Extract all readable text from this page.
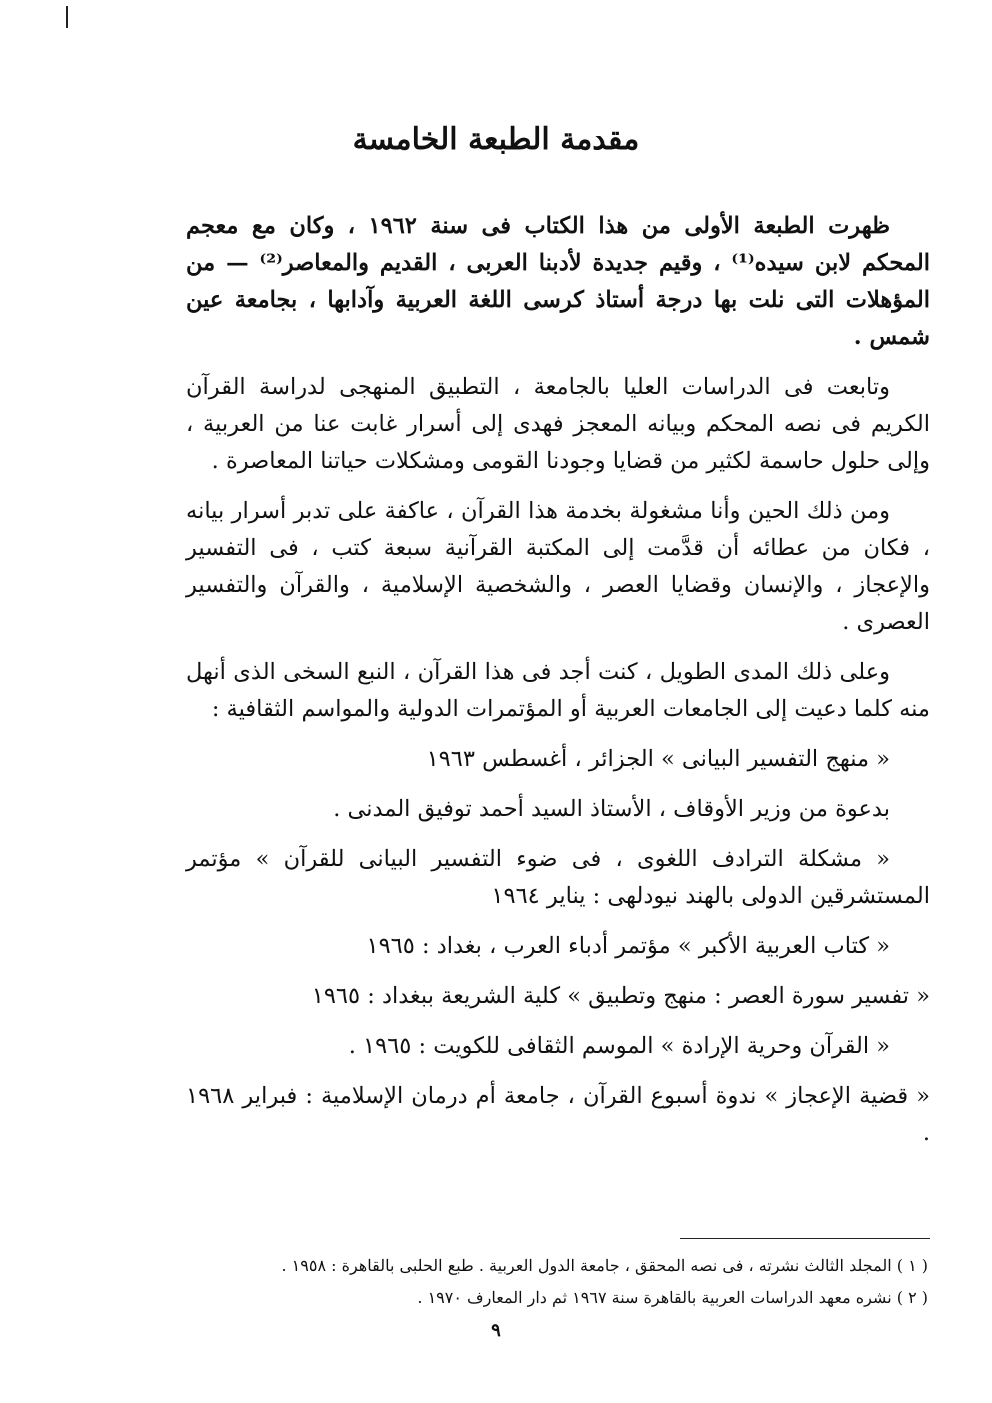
مقدمة الطبعة الخامسة

ظهرت الطبعة الأولى من هذا الكتاب فى سنة ١٩٦٢ ، وكان مع معجم المحكم لابن سيده⁽¹⁾ ، وقيم جديدة لأدبنا العربى ، القديم والمعاصر⁽²⁾ — من المؤهلات التى نلت بها درجة أستاذ كرسى اللغة العربية وآدابها ، بجامعة عين شمس .

وتابعت فى الدراسات العليا بالجامعة ، التطبيق المنهجى لدراسة القرآن الكريم فى نصه المحكم وبيانه المعجز فهدى إلى أسرار غابت عنا من العربية ، وإلى حلول حاسمة لكثير من قضايا وجودنا القومى ومشكلات حياتنا المعاصرة .

ومن ذلك الحين وأنا مشغولة بخدمة هذا القرآن ، عاكفة على تدبر أسرار بيانه ، فكان من عطائه أن قدَّمت إلى المكتبة القرآنية سبعة كتب ، فى التفسير والإعجاز ، والإنسان وقضايا العصر ، والشخصية الإسلامية ، والقرآن والتفسير العصرى .

وعلى ذلك المدى الطويل ، كنت أجد فى هذا القرآن ، النبع السخى الذى أنهل منه كلما دعيت إلى الجامعات العربية أو المؤتمرات الدولية والمواسم الثقافية :

« منهج التفسير البيانى » الجزائر ، أغسطس ١٩٦٣

بدعوة من وزير الأوقاف ، الأستاذ السيد أحمد توفيق المدنى .

« مشكلة الترادف اللغوى ، فى ضوء التفسير البيانى للقرآن » مؤتمر المستشرقين الدولى بالهند نيودلهى : يناير ١٩٦٤

« كتاب العربية الأكبر » مؤتمر أدباء العرب ، بغداد : ١٩٦٥

« تفسير سورة العصر : منهج وتطبيق » كلية الشريعة ببغداد : ١٩٦٥

« القرآن وحرية الإرادة » الموسم الثقافى للكويت : ١٩٦٥ .

« قضية الإعجاز » ندوة أسبوع القرآن ، جامعة أم درمان الإسلامية : فبراير ١٩٦٨ .

( ١ ) المجلد الثالث نشرته ، فى نصه المحقق ، جامعة الدول العربية . طبع الحلبى بالقاهرة : ١٩٥٨ .

( ٢ ) نشره معهد الدراسات العربية بالقاهرة سنة ١٩٦٧ ثم دار المعارف ١٩٧٠ .

٩
